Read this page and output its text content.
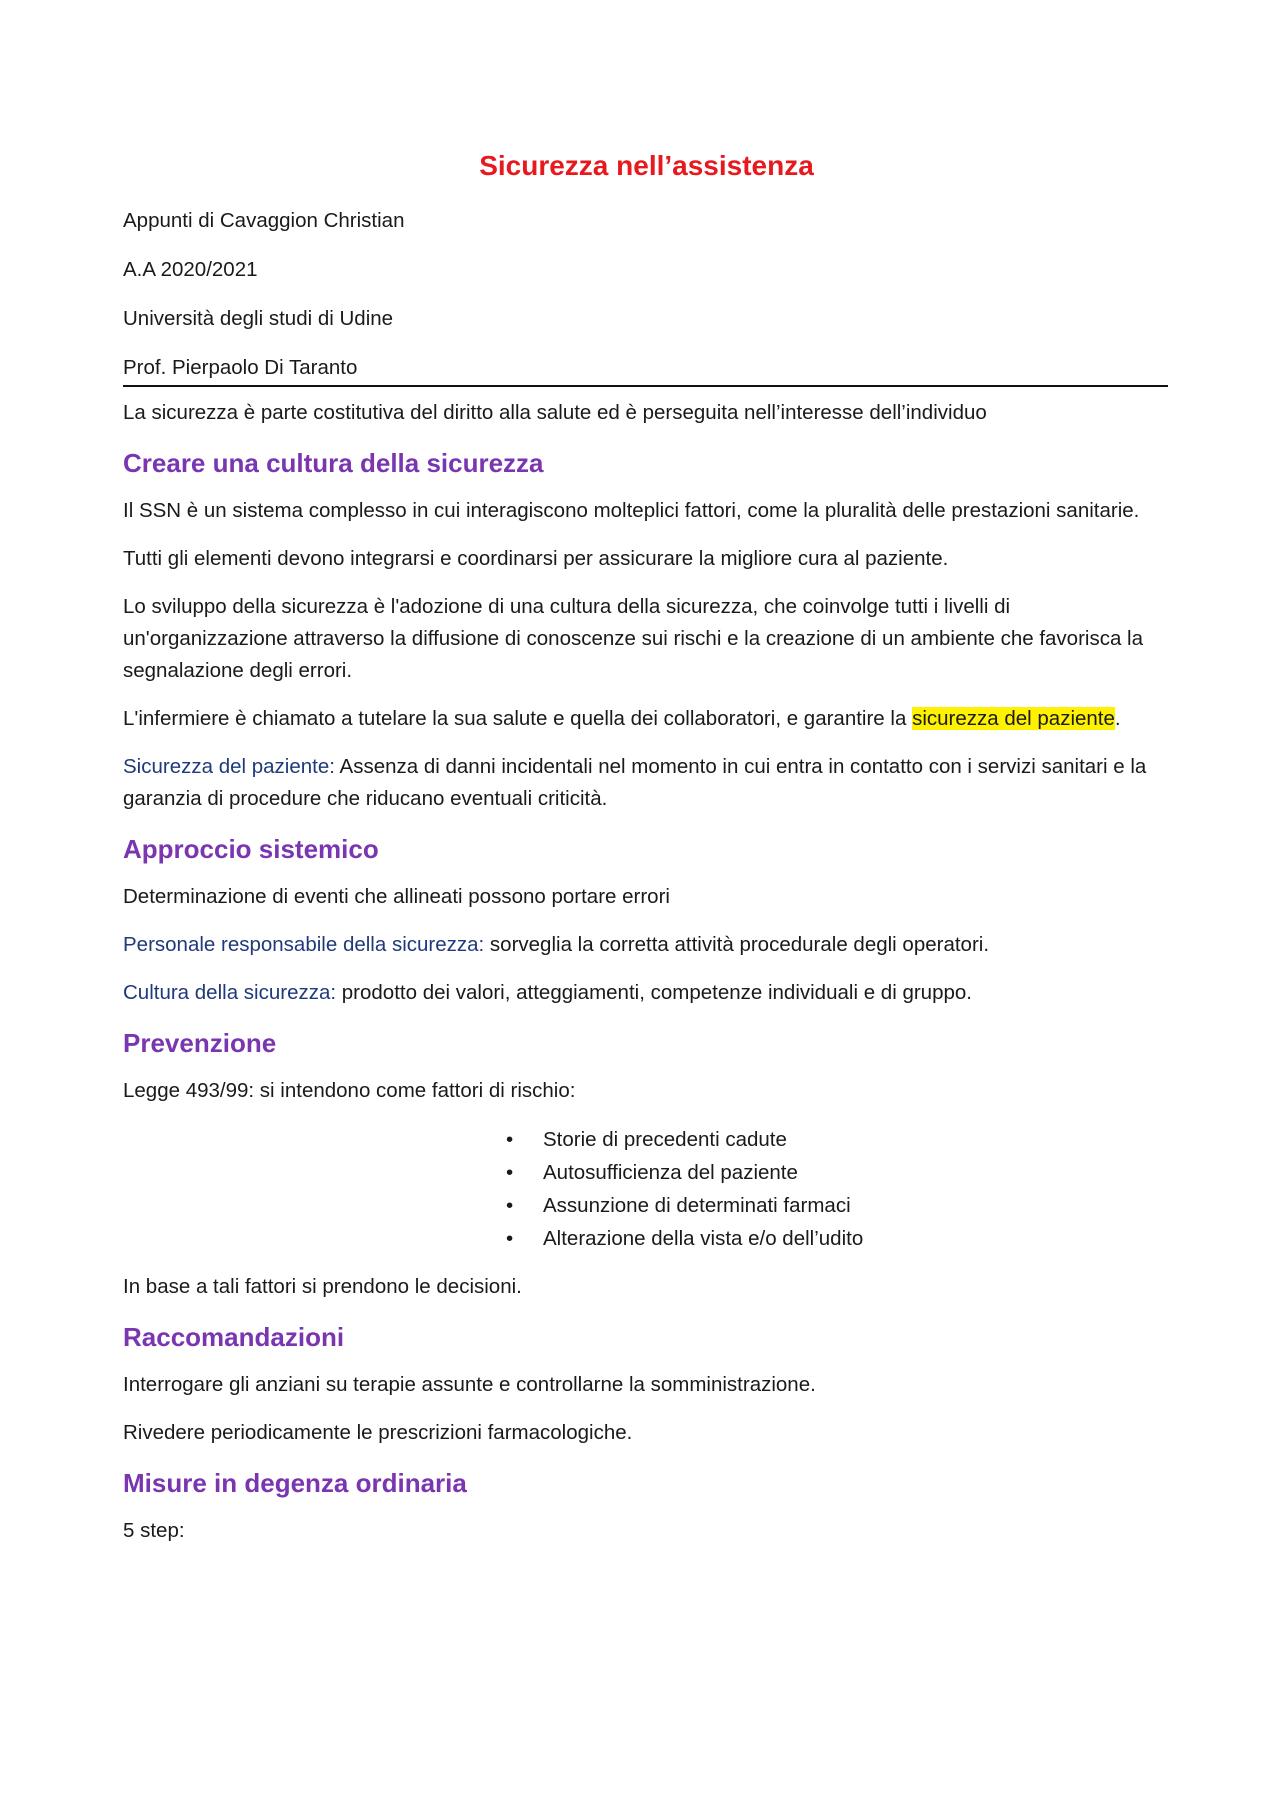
Sicurezza nell’assistenza

Appunti di Cavaggion Christian

A.A 2020/2021

Università degli studi di Udine

Prof. Pierpaolo Di Taranto

La sicurezza è parte costitutiva del diritto alla salute ed è perseguita nell’interesse dell’individuo

Creare una cultura della sicurezza

Il SSN è un sistema complesso in cui interagiscono molteplici fattori, come la pluralità delle prestazioni sanitarie.

Tutti gli elementi devono integrarsi e coordinarsi per assicurare la migliore cura al paziente.

Lo sviluppo della sicurezza è l'adozione di una cultura della sicurezza, che coinvolge tutti i livelli di un'organizzazione attraverso la diffusione di conoscenze sui rischi e la creazione di un ambiente che favorisca la segnalazione degli errori.

L'infermiere è chiamato a tutelare la sua salute e quella dei collaboratori, e garantire la sicurezza del paziente.

Sicurezza del paziente: Assenza di danni incidentali nel momento in cui entra in contatto con i servizi sanitari e la garanzia di procedure che riducano eventuali criticità.

Approccio sistemico

Determinazione di eventi che allineati possono portare errori

Personale responsabile della sicurezza: sorveglia la corretta attività procedurale degli operatori.

Cultura della sicurezza: prodotto dei valori, atteggiamenti, competenze individuali e di gruppo.

Prevenzione

Legge 493/99: si intendono come fattori di rischio:

•	Storie di precedenti cadute
•	Autosufficienza del paziente
•	Assunzione di determinati farmaci
•	Alterazione della vista e/o dell’udito

In base a tali fattori si prendono le decisioni.

Raccomandazioni

Interrogare gli anziani su terapie assunte e controllarne la somministrazione.

Rivedere periodicamente le prescrizioni farmacologiche.

Misure in degenza ordinaria

5 step:
